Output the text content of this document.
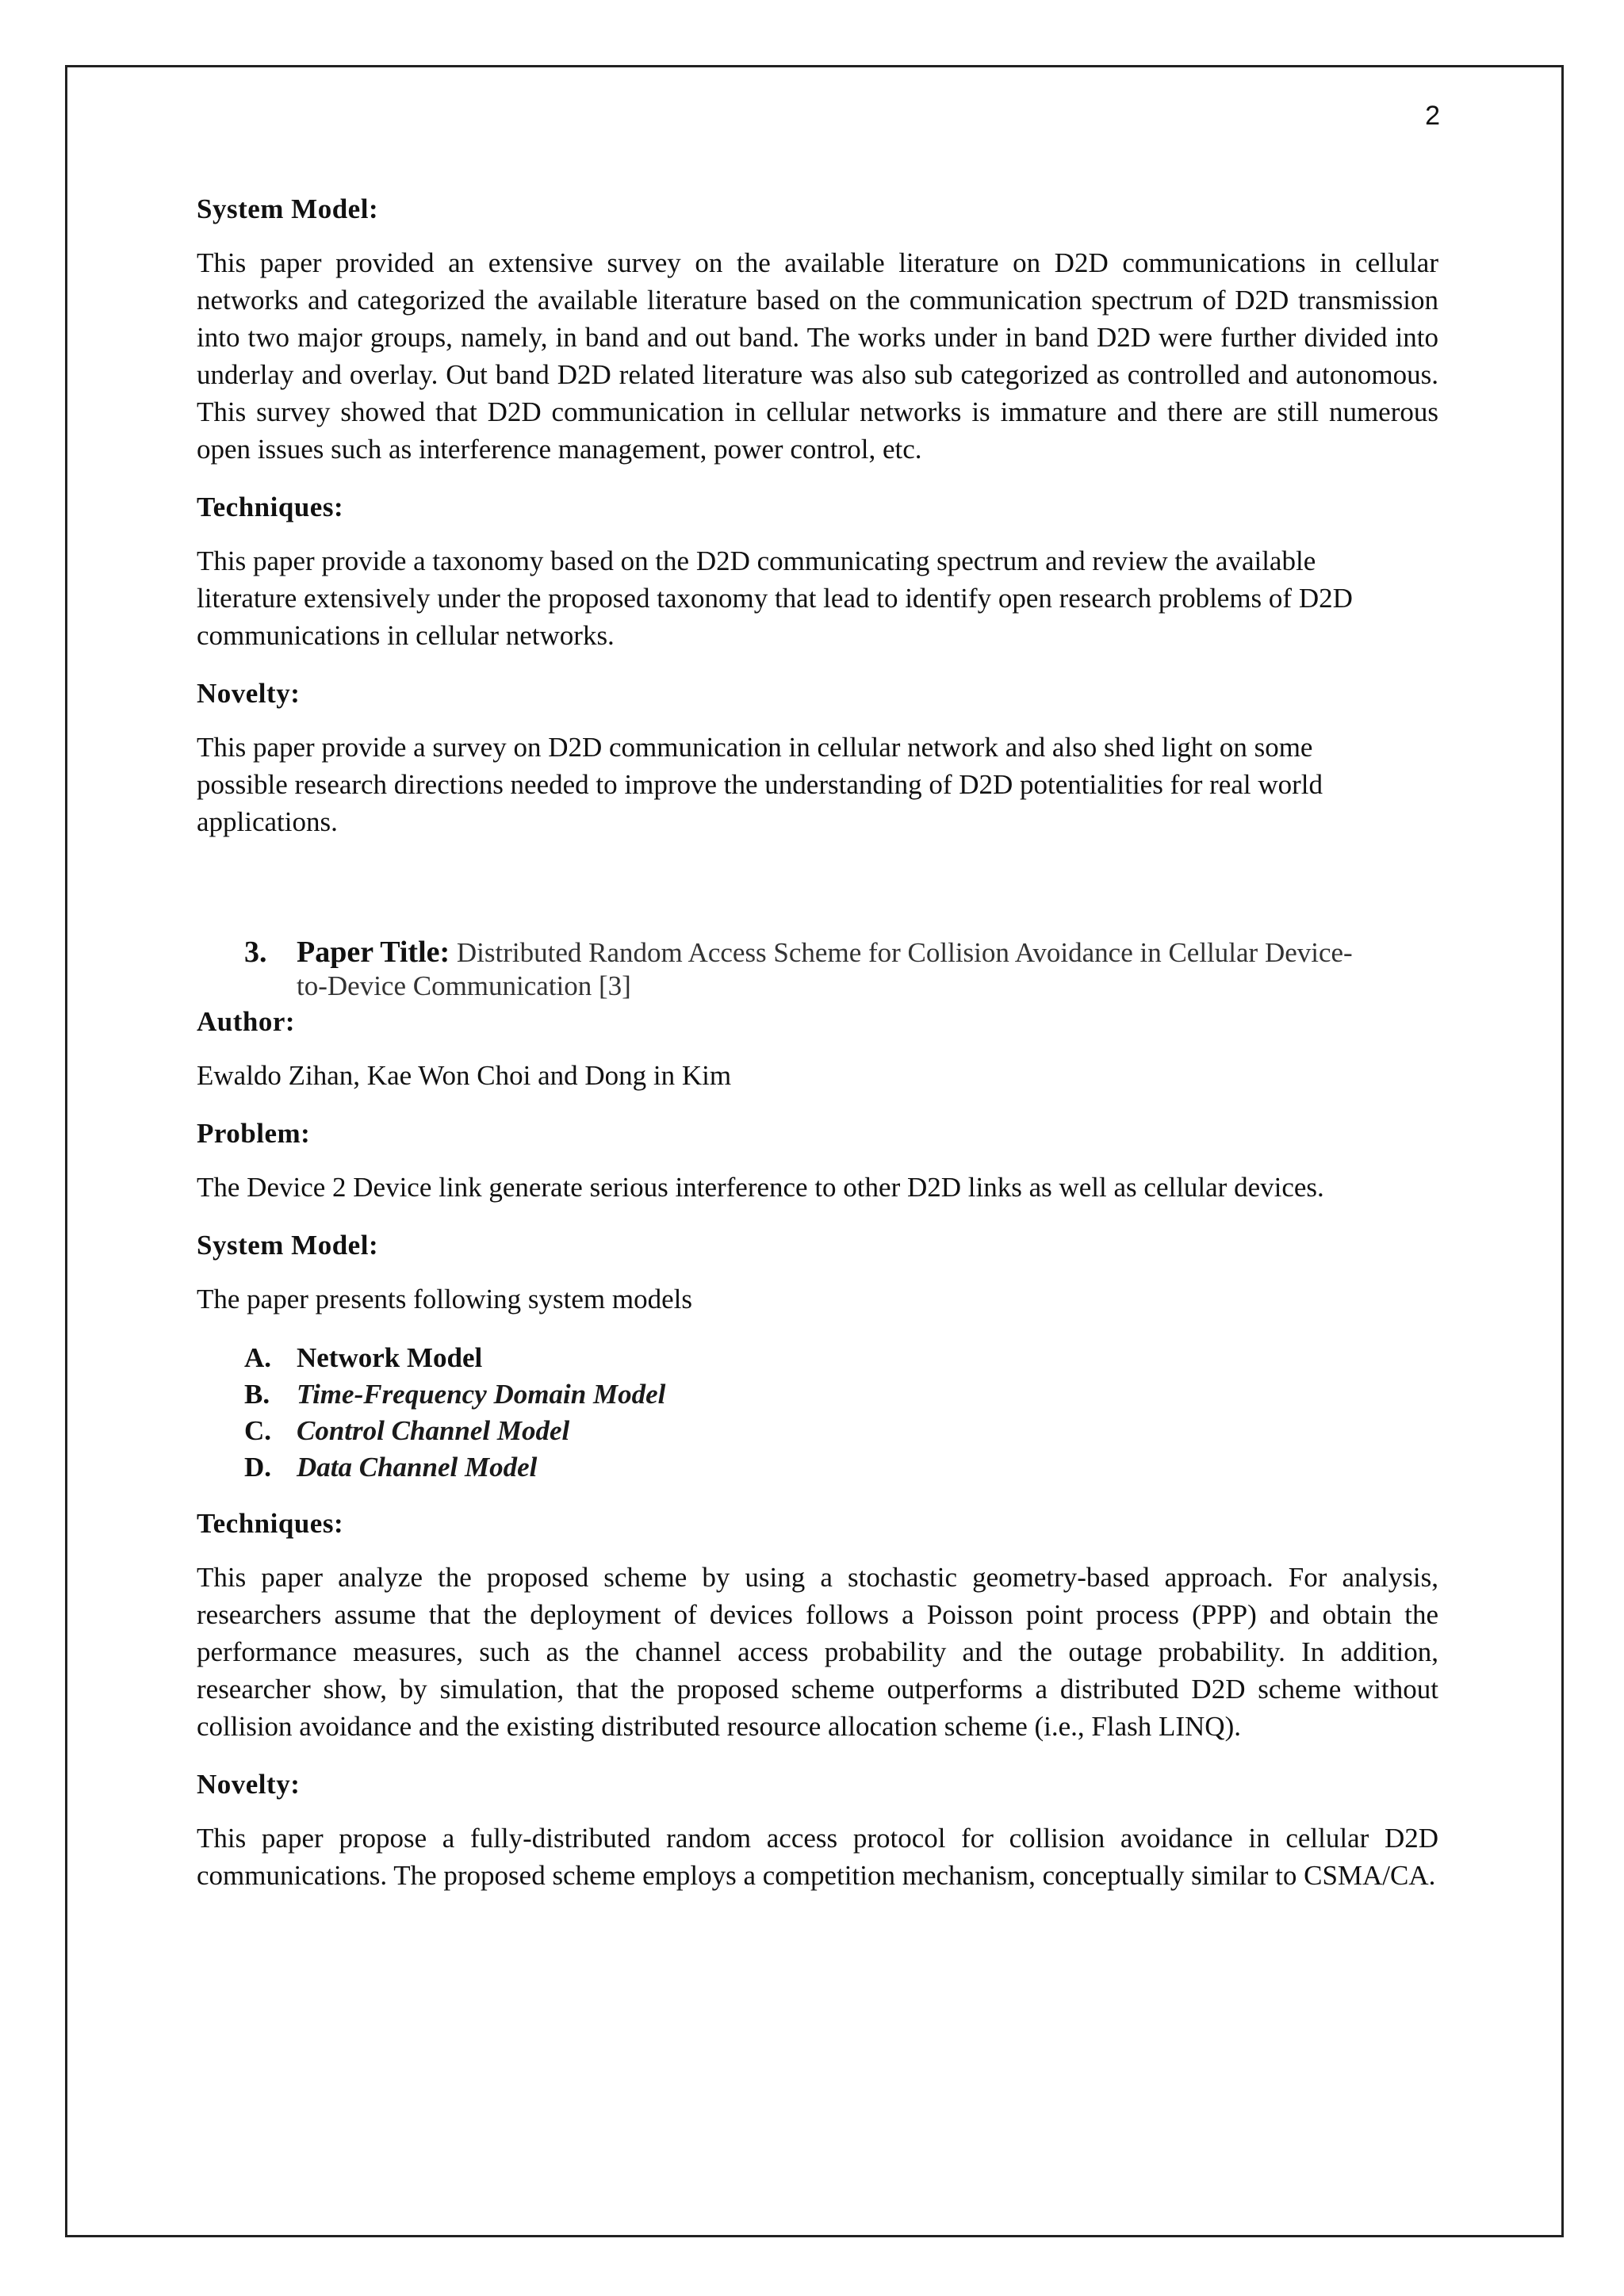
2
System Model:

This paper provided an extensive survey on the available literature on D2D communications in cellular networks and categorized the available literature based on the communication spectrum of D2D transmission into two major groups, namely, in band and out band. The works under in band D2D were further divided into underlay and overlay. Out band D2D related literature was also sub categorized as controlled and autonomous. This survey showed that D2D communication in cellular networks is immature and there are still numerous open issues such as interference management, power control, etc.

Techniques:

This paper provide a taxonomy based on the D2D communicating spectrum and review the available literature extensively under the proposed taxonomy that lead to identify open research problems of D2D communications in cellular networks.

Novelty:

This paper provide a survey on D2D communication in cellular network and also shed light on some possible research directions needed to improve the understanding of D2D potentialities for real world applications.

3. Paper Title: Distributed Random Access Scheme for Collision Avoidance in Cellular Device-to-Device Communication [3]
Author:

Ewaldo Zihan, Kae Won Choi and Dong in Kim

Problem:

The Device 2 Device link generate serious interference to other D2D links as well as cellular devices.

System Model:

The paper presents following system models

A. Network Model
B. Time-Frequency Domain Model
C. Control Channel Model
D. Data Channel Model
Techniques:

This paper analyze the proposed scheme by using a stochastic geometry-based approach. For analysis, researchers assume that the deployment of devices follows a Poisson point process (PPP) and obtain the performance measures, such as the channel access probability and the outage probability. In addition, researcher show, by simulation, that the proposed scheme outperforms a distributed D2D scheme without collision avoidance and the existing distributed resource allocation scheme (i.e., Flash LINQ).

Novelty:

This paper propose a fully-distributed random access protocol for collision avoidance in cellular D2D communications. The proposed scheme employs a competition mechanism, conceptually similar to CSMA/CA.
